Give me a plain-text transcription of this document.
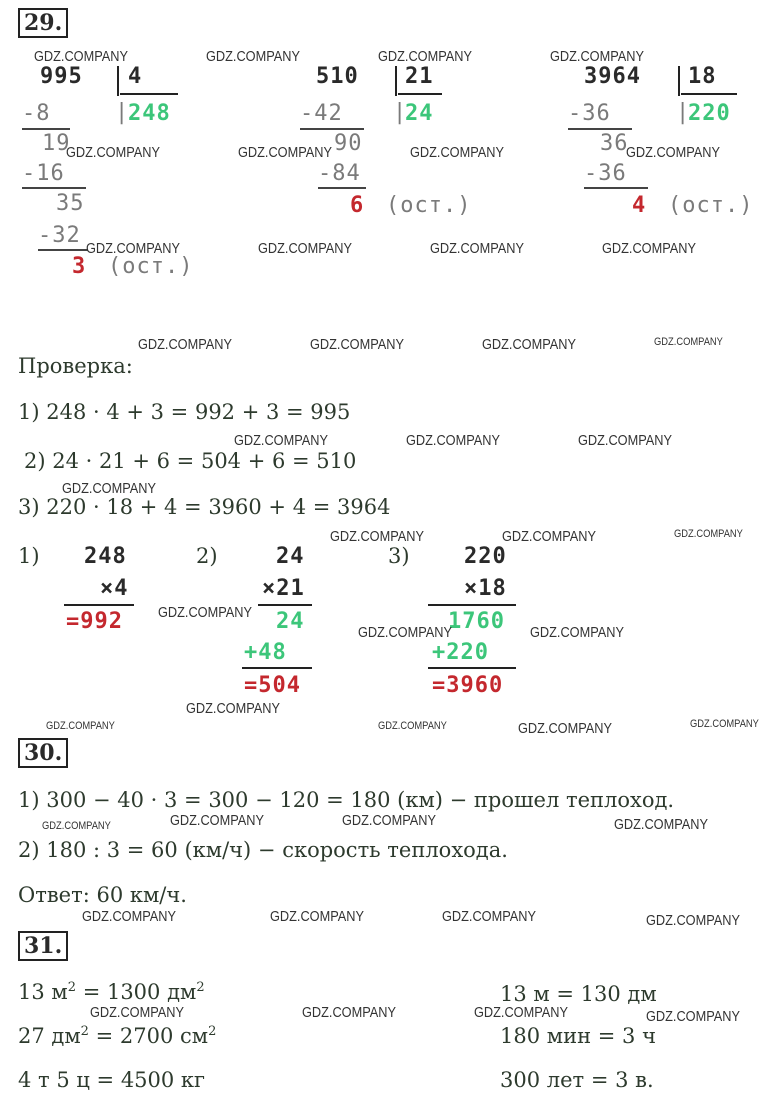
29.
995 4
|
248
-8
19
-16
35
-32
3 (ост.)
510 21
|
24
-42
90
-84
6 (ост.)
3964 18
|
220
-36
36
-36
4 (ост.)
Проверка:
1) 248 · 4 + 3 = 992 + 3 = 995
2) 24 · 21 + 6 = 504 + 6 = 510
3) 220 · 18 + 4 = 3960 + 4 = 3964
1) 248
×4
=992
2)	24
×21
24
+48
=504
3) 220
×18
1760
+220
=3960
30.
1) 300 − 40 · 3 = 300 − 120 = 180 (км) − прошел теплоход.
2) 180 : 3 = 60 (км/ч) − скорость теплохода.
Ответ: 60 км/ч.
31.
13 $м^2 = 1300$ $дм^2$
27 $дм^2 = 2700$ $см^2$
4 т 5 ц = 4500 кг
13 м = 130 дм
180 мин = 3 ч
300 лет = 3 в.
GDZ.COMPANY	GDZ.COMPANY	GDZ.COMPANY	GDZ.COMPANY
GDZ.COMPANY	GDZ.COMPANY	GDZ.COMPANY	GDZ.COMPANY
GDZ.COMPANY	GDZ.COMPANY	GDZ.COMPANY	GDZ.COMPANY
GDZ.COMPANY	GDZ.COMPANY	GDZ.COMPANY	GDZ.COMPANY
GDZ.COMPANY	GDZ.COMPANY	GDZ.COMPANY
GDZ.COMPANY
GDZ.COMPANY	GDZ.COMPANY	GDZ.COMPANY
GDZ.COMPANY
GDZ.COMPANY	GDZ.COMPANY
GDZ.COMPANY
GDZ.COMPANY
GDZ.COMPANY	GDZ.COMPANY	GDZ.COMPANY
GDZ.COMPANY	GDZ.COMPANY	GDZ.COMPANY	GDZ.COMPANY
GDZ.COMPANY	GDZ.COMPANY	GDZ.COMPANY	GDZ.COMPANY
GDZ.COMPANY	GDZ.COMPANY	GDZ.COMPANY	GDZ.COMPANY
